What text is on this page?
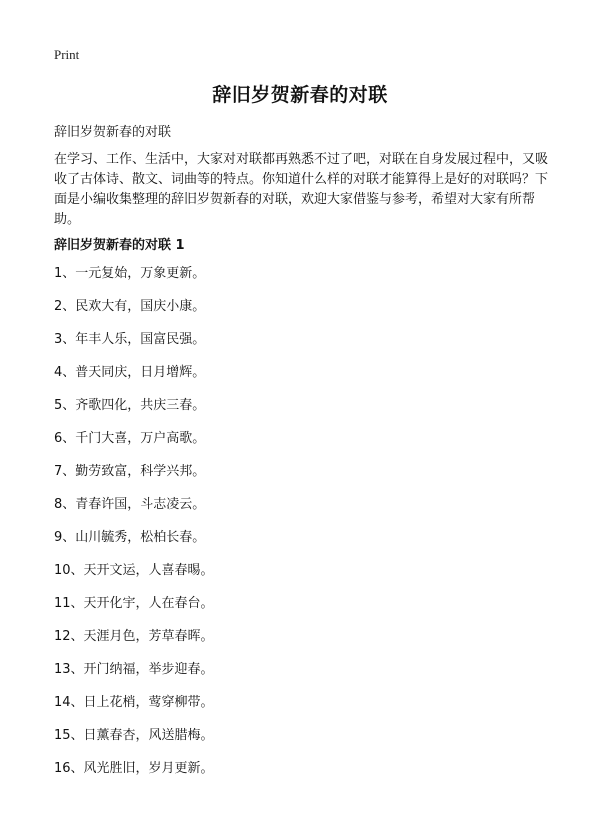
Print
辞旧岁贺新春的对联
辞旧岁贺新春的对联
在学习、工作、生活中，大家对对联都再熟悉不过了吧，对联在自身发展过程中，又吸收了古体诗、散文、词曲等的特点。你知道什么样的对联才能算得上是好的对联吗？下面是小编收集整理的辞旧岁贺新春的对联，欢迎大家借鉴与参考，希望对大家有所帮助。
辞旧岁贺新春的对联 1
1、一元复始，万象更新。
2、民欢大有，国庆小康。
3、年丰人乐，国富民强。
4、普天同庆，日月增辉。
5、齐歌四化，共庆三春。
6、千门大喜，万户高歌。
7、勤劳致富，科学兴邦。
8、青春许国，斗志凌云。
9、山川毓秀，松柏长春。
10、天开文运，人喜春晹。
11、天开化宇，人在春台。
12、天涯月色，芳草春晖。
13、开门纳福，举步迎春。
14、日上花梢，莺穿柳带。
15、日薰春杏，风送腊梅。
16、风光胜旧，岁月更新。
